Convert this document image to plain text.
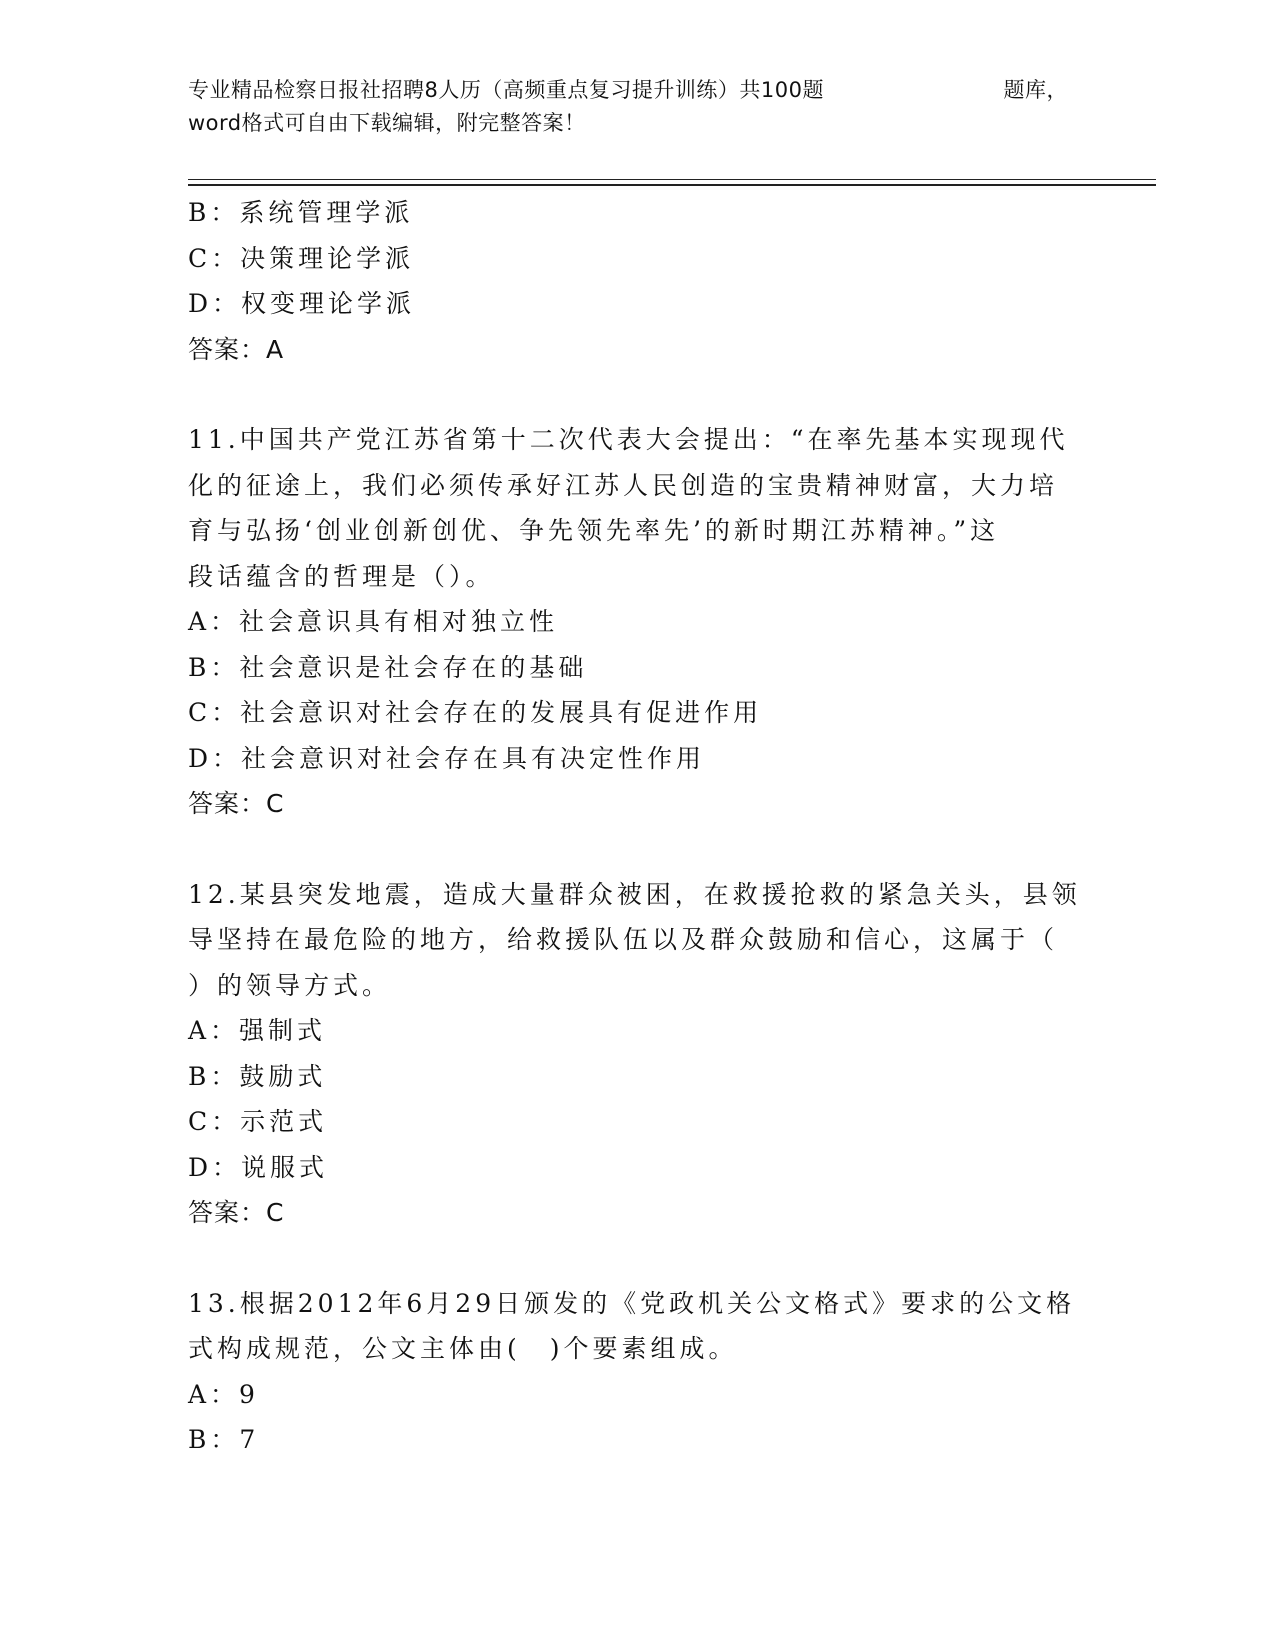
专业精品检察日报社招聘8人历（高频重点复习提升训练）共100题	题库，
word格式可自由下载编辑，附完整答案！
B：系统管理学派
C：决策理论学派
D：权变理论学派
答案：A
11.中国共产党江苏省第十二次代表大会提出：“在率先基本实现现代
化的征途上，我们必须传承好江苏人民创造的宝贵精神财富，大力培
育与弘扬‘创业创新创优、争先领先率先’的新时期江苏精神。”这
段话蕴含的哲理是（）。
A：社会意识具有相对独立性
B：社会意识是社会存在的基础
C：社会意识对社会存在的发展具有促进作用
D：社会意识对社会存在具有决定性作用
答案：C
12.某县突发地震，造成大量群众被困，在救援抢救的紧急关头，县领
导坚持在最危险的地方，给救援队伍以及群众鼓励和信心，这属于（
）的领导方式。
A：强制式
B：鼓励式
C：示范式
D：说服式
答案：C
13.根据2012年6月29日颁发的《党政机关公文格式》要求的公文格
式构成规范，公文主体由(　)个要素组成。
A：9
B：7
